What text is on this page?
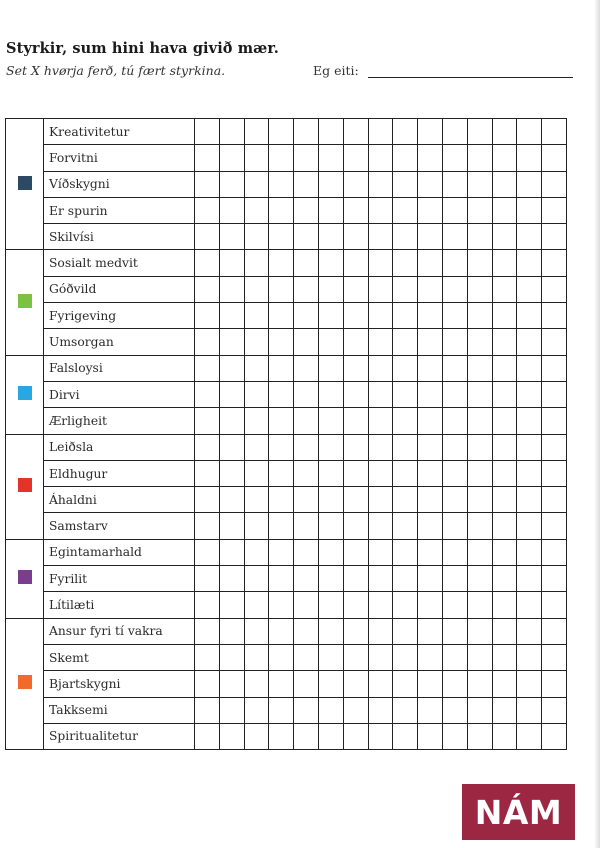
Styrkir, sum hini hava givið mær.
Set X hvørja ferð, tú fært styrkina.	Eg eiti:
	Kreativitetur															
	Forvitni															
	Víðskygni															
	Er spurin															
	Skilvísi															
	Sosialt medvit															
	Góðvild															
	Fyrigeving															
	Umsorgan															
	Falsloysi															
	Dirvi															
	Ærligheit															
	Leiðsla															
	Eldhugur															
	Áhaldni															
	Samstarv															
	Egintamarhald															
	Fyrilit															
	Lítilæti															
	Ansur fyri tí vakra															
	Skemt															
	Bjartskygni															
	Takksemi															
	Spiritualitetur															
NÁM
